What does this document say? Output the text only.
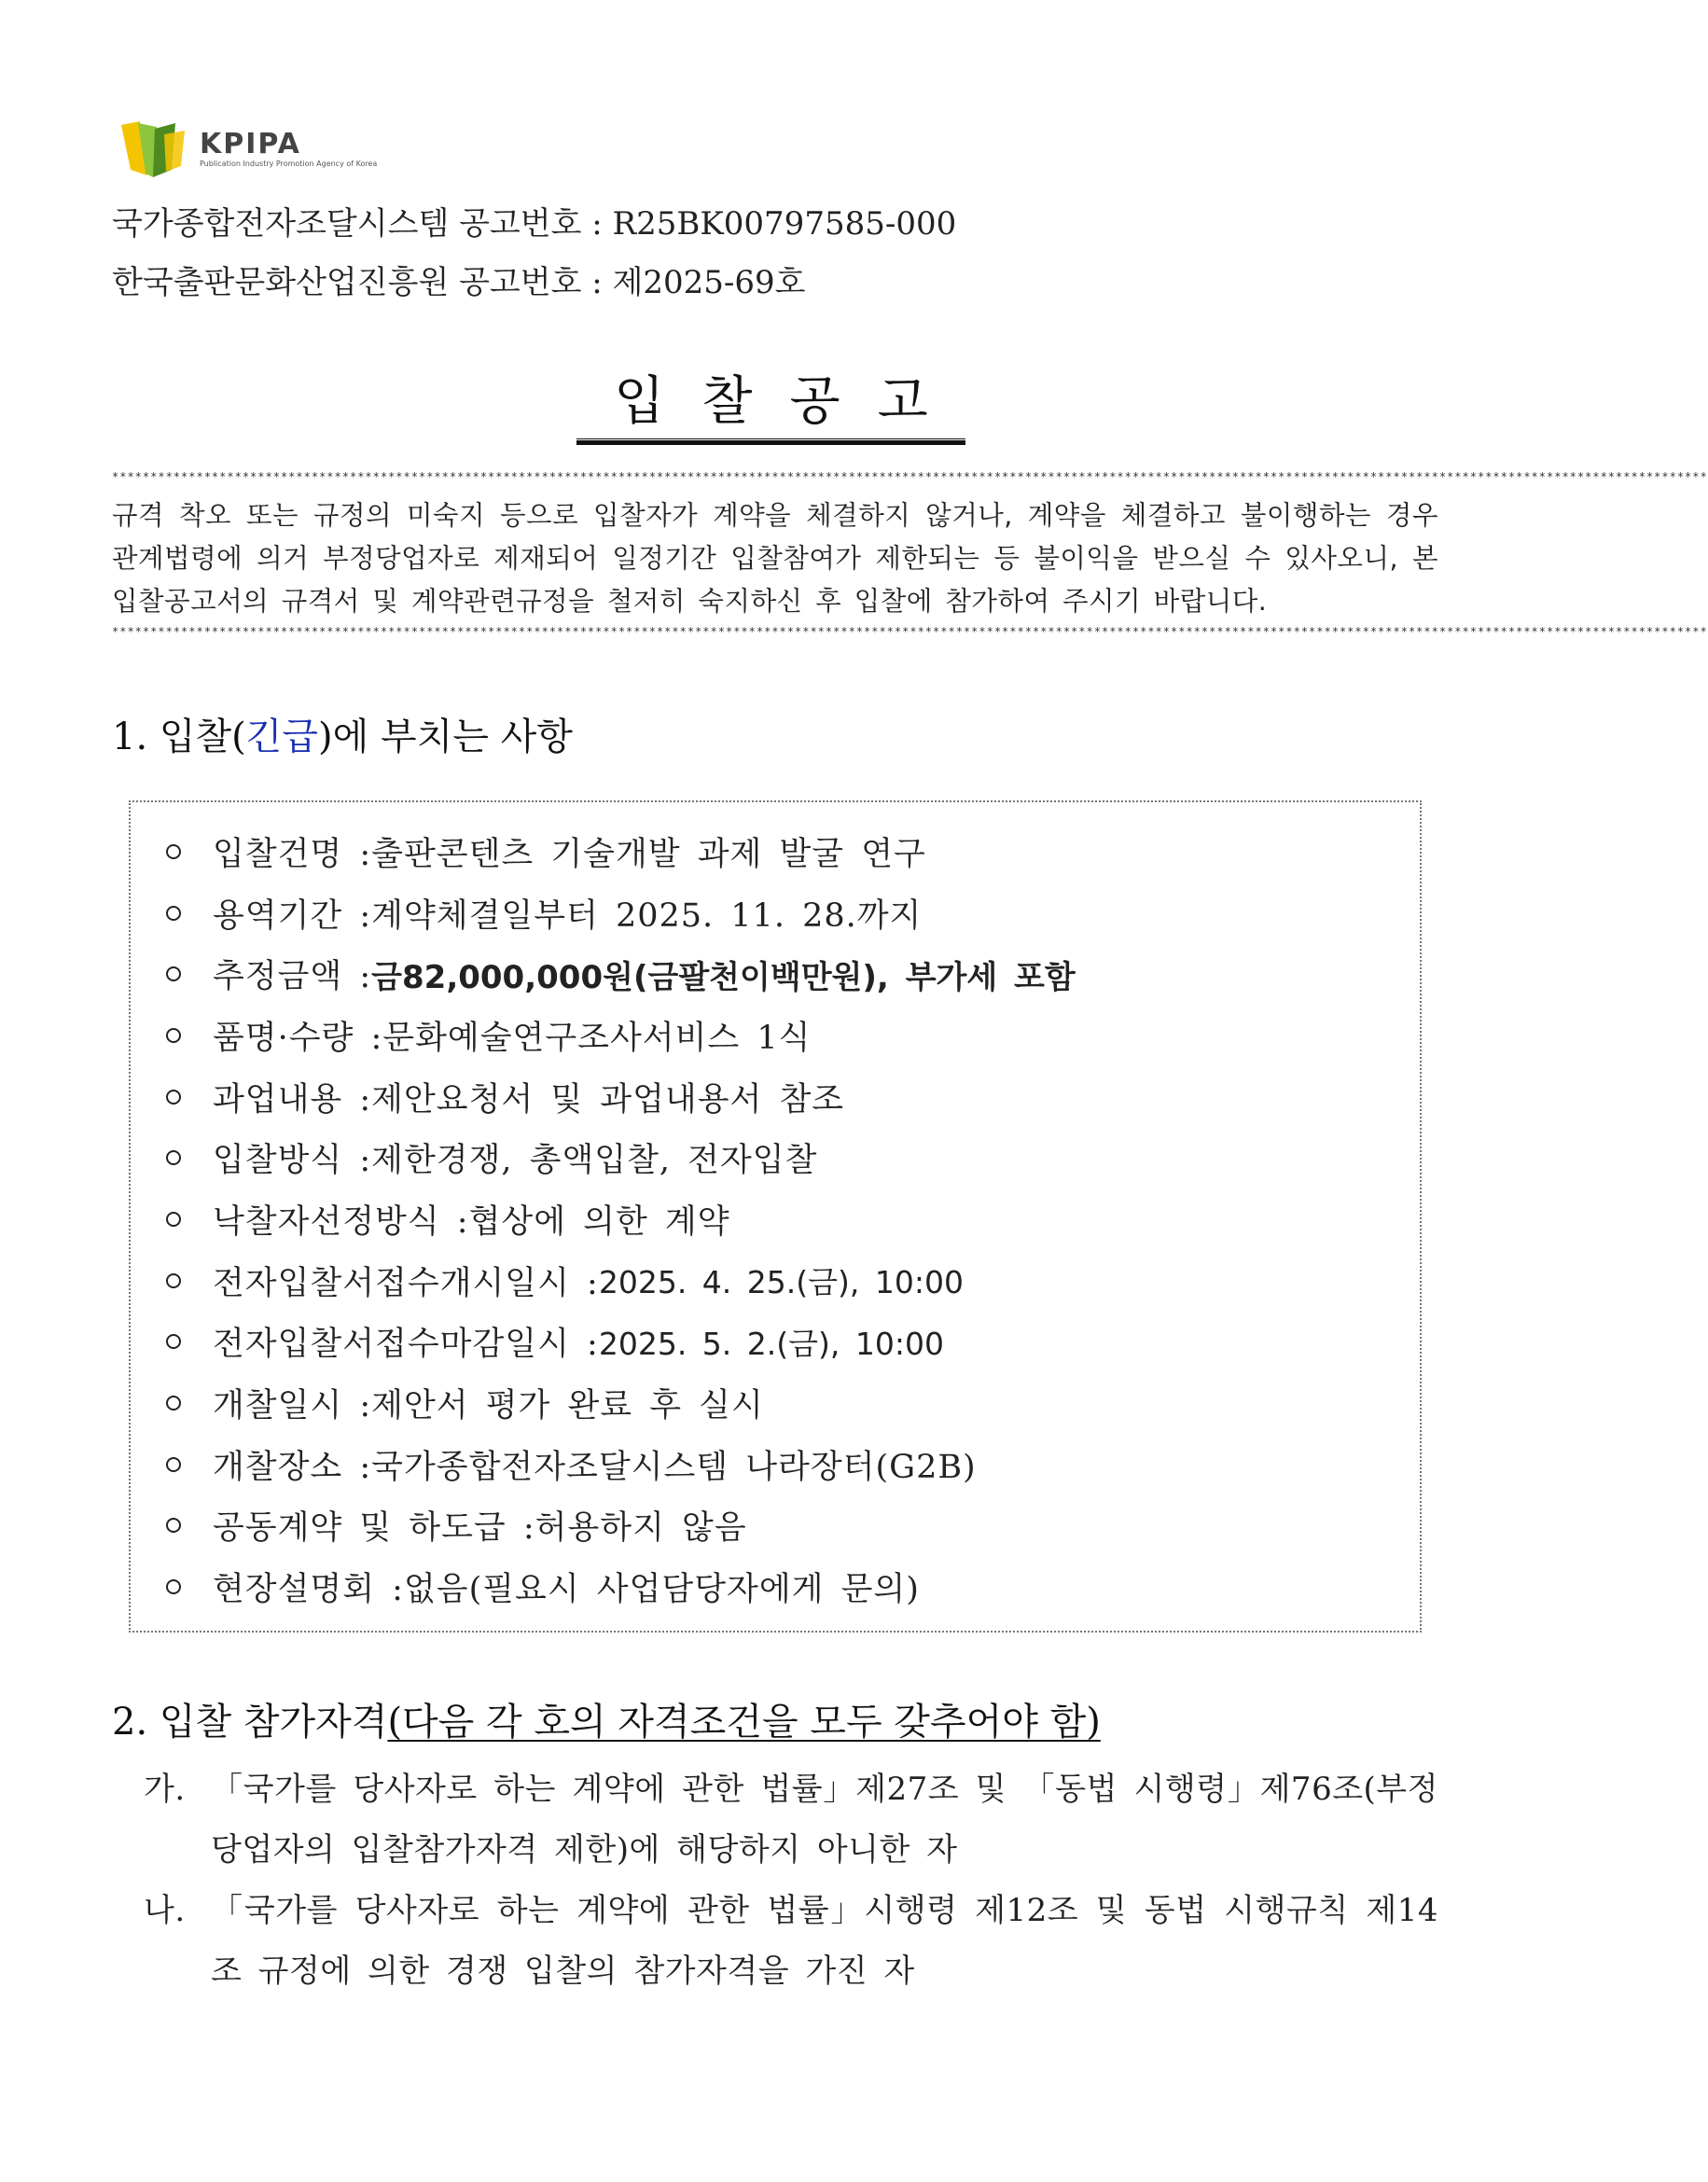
KPIPA
Publication Industry Promotion Agency of Korea
국가종합전자조달시스템 공고번호 : R25BK00797585-000
한국출판문화산업진흥원 공고번호 : 제2025-69호
입찰공고
****************************************************************************************************************************************************************************************************************
규격 착오 또는 규정의 미숙지 등으로 입찰자가 계약을 체결하지 않거나, 계약을 체결하고 불이행하는 경우 관계법령에 의거 부정당업자로 제재되어 일정기간 입찰참여가 제한되는 등 불이익을 받으실 수 있사오니, 본 입찰공고서의 규격서 및 계약관련규정을 철저히 숙지하신 후 입찰에 참가하여 주시기 바랍니다.
****************************************************************************************************************************************************************************************************************
1. 입찰(긴급)에 부치는 사항
입찰건명 : 출판콘텐츠 기술개발 과제 발굴 연구
용역기간 : 계약체결일부터 2025. 11. 28.까지
추정금액 : 금82,000,000원(금팔천이백만원), 부가세 포함
품명·수량 : 문화예술연구조사서비스 1식
과업내용 : 제안요청서 및 과업내용서 참조
입찰방식 : 제한경쟁, 총액입찰, 전자입찰
낙찰자선정방식 : 협상에 의한 계약
전자입찰서접수개시일시 : 2025. 4. 25.(금), 10:00
전자입찰서접수마감일시 : 2025. 5. 2.(금), 10:00
개찰일시 : 제안서 평가 완료 후 실시
개찰장소 : 국가종합전자조달시스템 나라장터(G2B)
공동계약 및 하도급 : 허용하지 않음
현장설명회 : 없음(필요시 사업담당자에게 문의)
2. 입찰 참가자격(다음 각 호의 자격조건을 모두 갖추어야 함)
가. 「국가를 당사자로 하는 계약에 관한 법률」제27조 및 「동법 시행령」제76조(부정당업자의 입찰참가자격 제한)에 해당하지 아니한 자
나. 「국가를 당사자로 하는 계약에 관한 법률」시행령 제12조 및 동법 시행규칙 제14조 규정에 의한 경쟁 입찰의 참가자격을 가진 자
